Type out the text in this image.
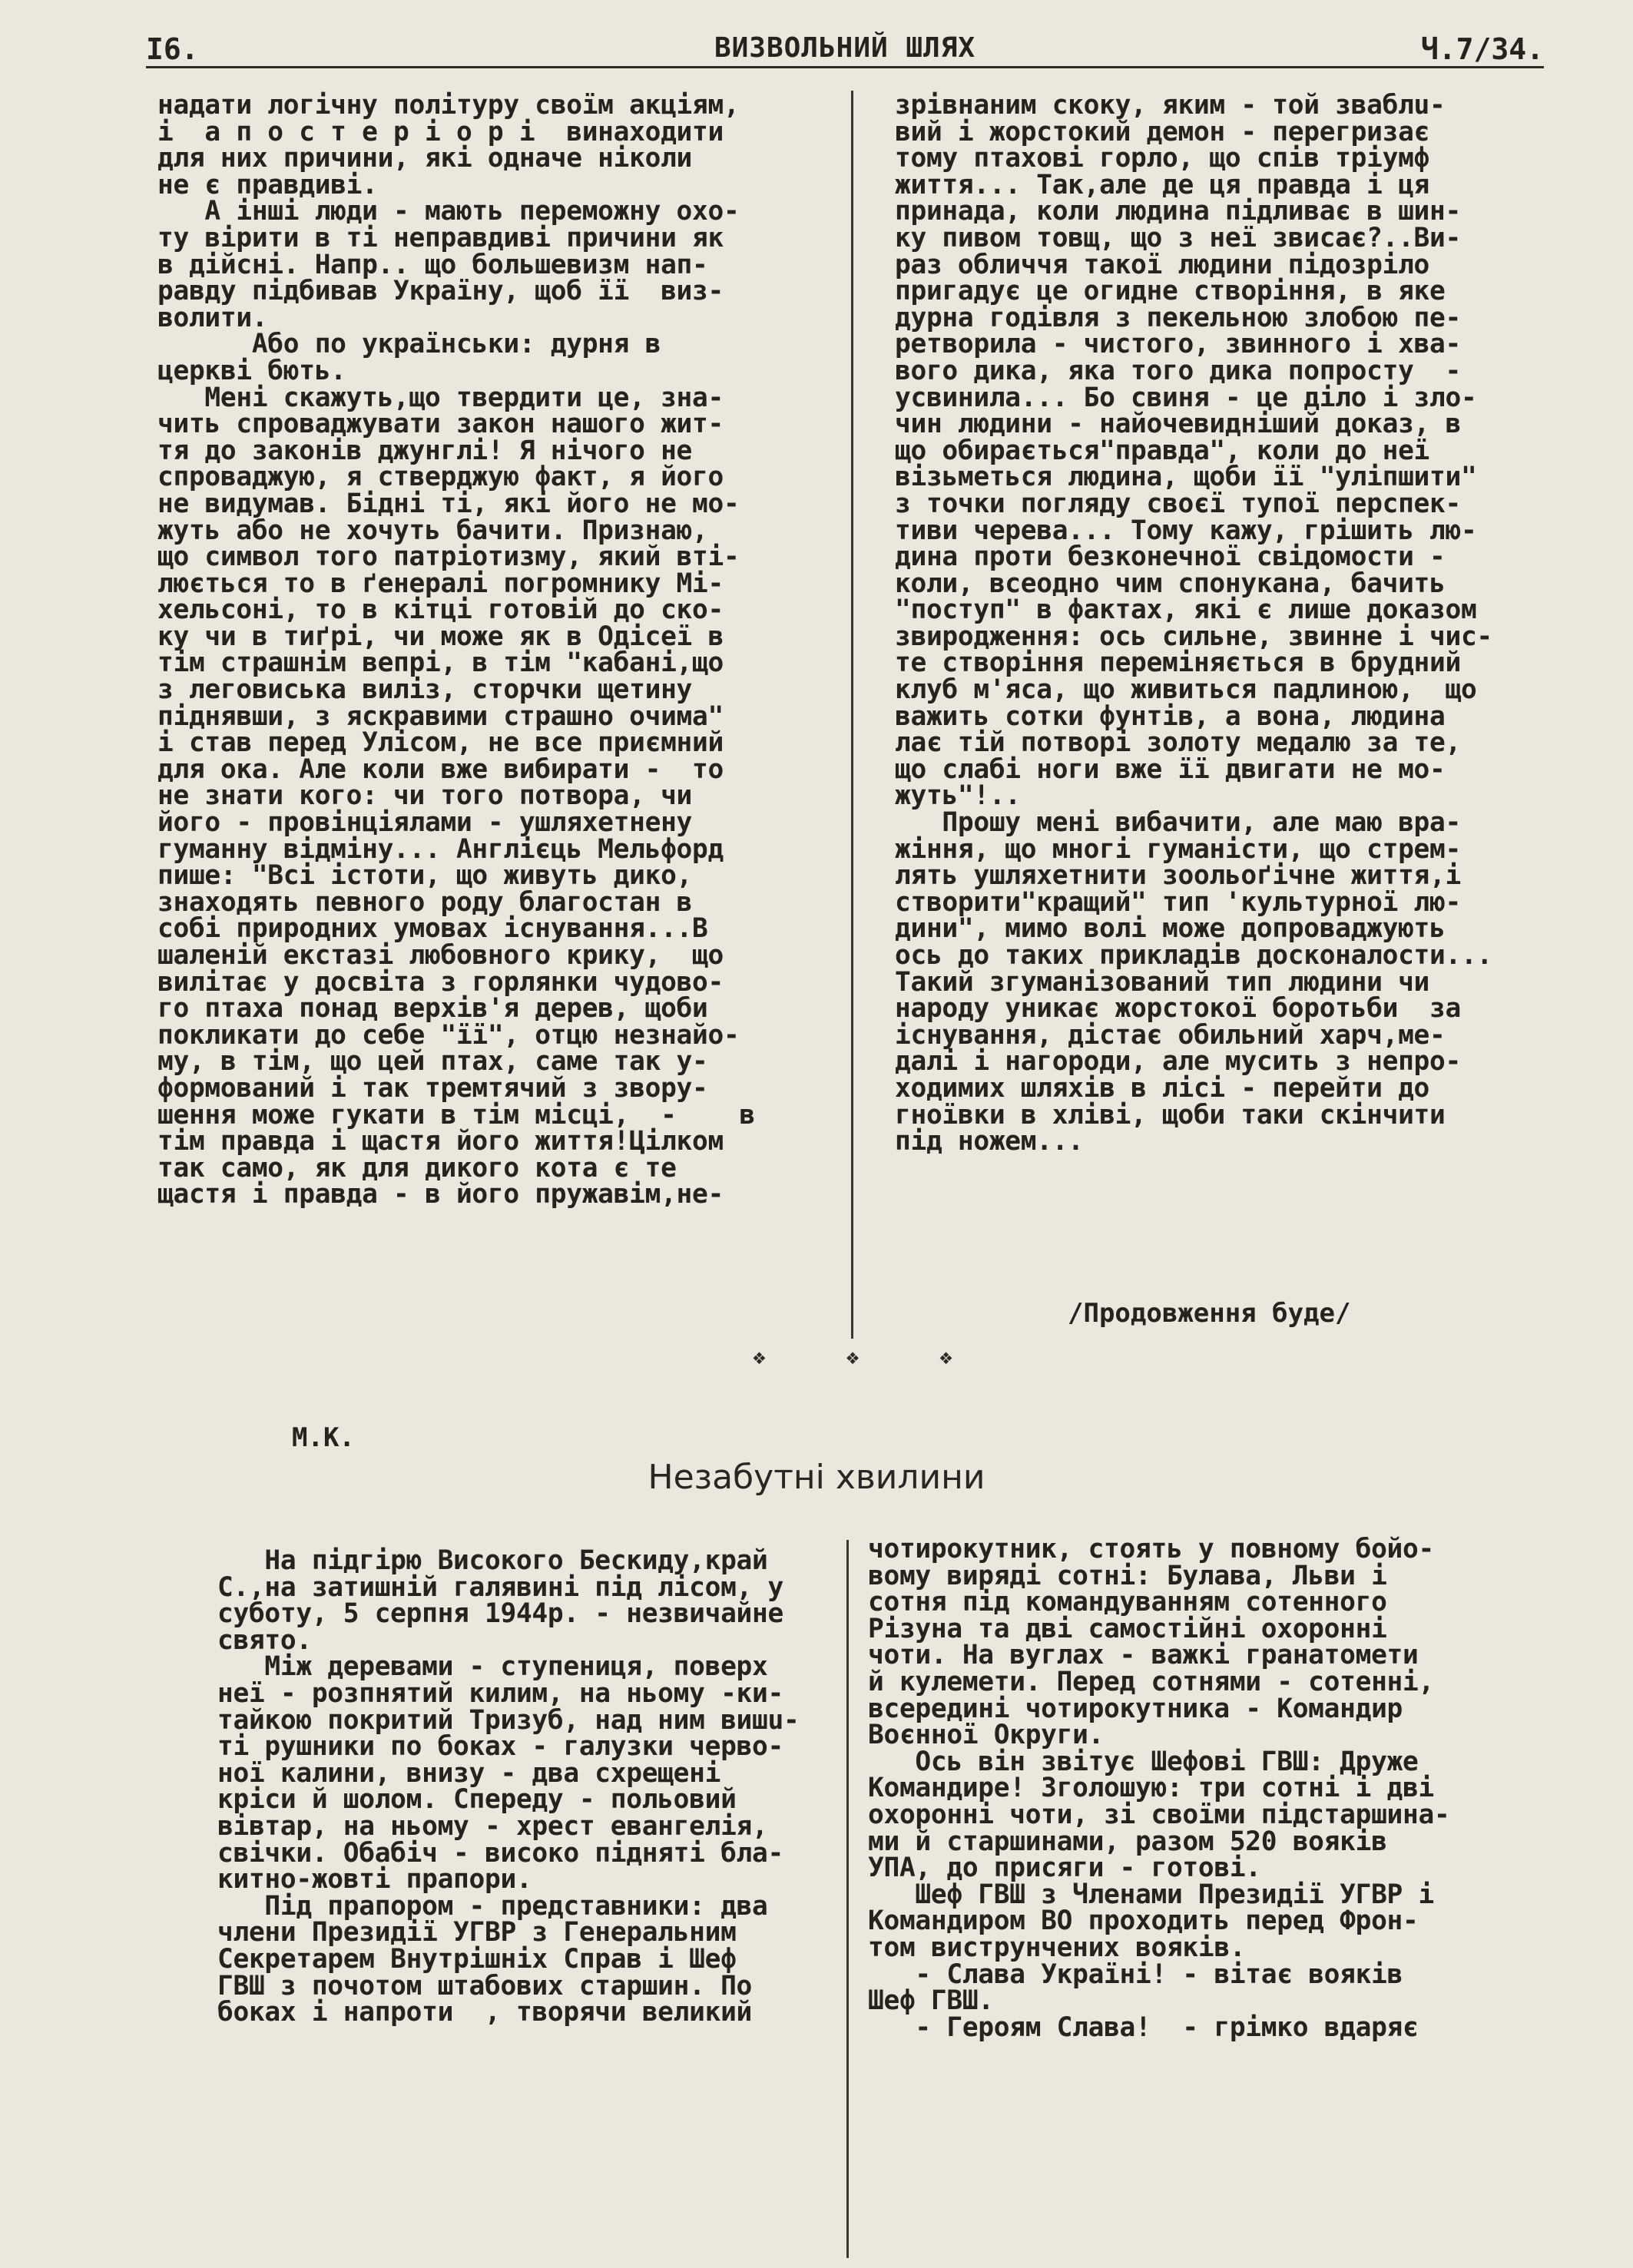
I6.	ВИЗВОЛЬНИЙ ШЛЯХ	Ч.7/34.

надати логічну політуру своїм акціям,

і  а п о с т е р і о р і  винаходити

для них причини, які одначе ніколи

не є правдиві.

А інші люди - мають переможну охо-

ту вірити в ті неправдиві причини як

в дійсні. Напр.. що большевизм нап-

равду підбивав Україну, щоб її  виз-

волити.

Або по українськи: дурня в

церкві бють.

Мені скажуть,що твердити це, зна-

чить спроваджувати закон нашого жит-

тя до законів джунглі! Я нічого не

спроваджую, я стверджую факт, я його

не видумав. Бідні ті, які його не мо-

жуть або не хочуть бачити. Признаю,

що символ того патріотизму, який вті-

люється то в ґенералі погромнику Мі-

хельсоні, то в кітці готовій до ско-

ку чи в тиґрі, чи може як в Одісеї в

тім страшнім вепрі, в тім "кабані,що

з леговиська виліз, сторчки щетину

піднявши, з яскравими страшно очима"

і став перед Улісом, не все приємний

для ока. Але коли вже вибирати -  то

не знати кого: чи того потвора, чи

його - провінціялами - ушляхетнену

гуманну відміну... Англієць Мельфорд

пише: "Всі істоти, що живуть дико,

знаходять певного роду благостан в

собі природних умовах існування...В

шаленій екстазі любовного крику,  що

вилітає у досвіта з горлянки чудово-

го птаха понад верхів'я дерев, щоби

покликати до себе "її", отцю незнайо-

му, в тім, що цей птах, саме так у-

формований і так тремтячий з звору-

шення може гукати в тім місці,  -    в

тім правда і щастя його життя!Цілком

так само, як для дикого кота є те

щастя і правда - в його пружавім,не-

зрівнаним скоку, яким - той зваблu-

вий і жорстокий демон - перегризає

тому птахові горло, що спів тріумф

життя... Так,але де ця правда і ця

принада, коли людина підливає в шин-

ку пивом товщ, що з неї звисає?..Ви-

раз обличчя такої людини підозріло

пригадує це огидне створіння, в яке

дурна годівля з пекельною злобою пе-

ретворила - чистого, звинного і хва-

вого дика, яка того дика попросту  -

усвинила... Бо свиня - це діло і зло-

чин людини - найочевидніший доказ, в

що обирається"правда", коли до неї

візьметься людина, щоби її "уліпшити"

з точки погляду своєї тупої перспек-

тиви черева... Тому кажу, грішить лю-

дина проти безконечної свідомости -

коли, всеодно чим спонукана, бачить

"поступ" в фактах, які є лише доказом

звиродження: ось сильне, звинне і чис-

те створіння переміняється в брудний

клуб м'яса, що живиться падлиною,  що

важить сотки фунтів, а вона, людина

лає тій потворі золоту медалю за те,

що слабі ноги вже її двигати не мо-

жуть"!..

Прошу мені вибачити, але маю вра-

жіння, що многі гуманісти, що стрем-

лять ушляхетнити зоольоґічне життя,і

створити"кращий" тип 'культурної лю-

дини", мимо волі може допроваджують

ось до таких прикладів досконалости...

Такий згуманізований тип людини чи

народу уникає жорстокої боротьби  за

існування, дістає обильний харч,ме-

далі і нагороди, але мусить з непро-

ходимих шляхів в лісі - перейти до

гноївки в хліві, щоби таки скінчити

під ножем...

/Продовження буде/
❖	❖	❖
М.К.
Незабутні хвилини

На підгірю Високого Бескиду,край

С.,на затишній галявині під лісом, у

суботу, 5 серпня 1944р. - незвичайне

свято.

Між деревами - ступениця, поверх

неї - розпнятий килим, на ньому -ки-

тайкою покритий Тризуб, над ним вишu-

ті рушники по боках - галузки черво-

ної калини, внизу - два схрещені

кріси й шолом. Спереду - польовий

вівтар, на ньому - хрест евангелія,

свічки. Обабіч - високо підняті бла-

китно-жовті прапори.

Під прапором - представники: два

члени Президії УГВР з Генеральним

Секретарем Внутрішніх Справ і Шеф

ГВШ з почотом штабових старшин. По

боках і напроти  , творячи великий

чотирокутник, стоять у повному бойо-

вому виряді сотні: Булава, Льви і

сотня під командуванням сотенного

Різуна та дві самостійні охоронні

чоти. На вуглах - важкі гранатомети

й кулемети. Перед сотнями - сотенні,

всередині чотирокутника - Командир

Воєнної Округи.

Ось він звітує Шефові ГВШ: Друже

Командире! Зголошую: три сотні і дві

охоронні чоти, зі своїми підстаршина-

ми й старшинами, разом 520 вояків

УПА, до присяги - готові.

Шеф ГВШ з Членами Президії УГВР і

Командиром ВО проходить перед Фрон-

том виструнчених вояків.

- Слава Україні! - вітає вояків

Шеф ГВШ.

- Героям Слава!  - грімко вдаряє
